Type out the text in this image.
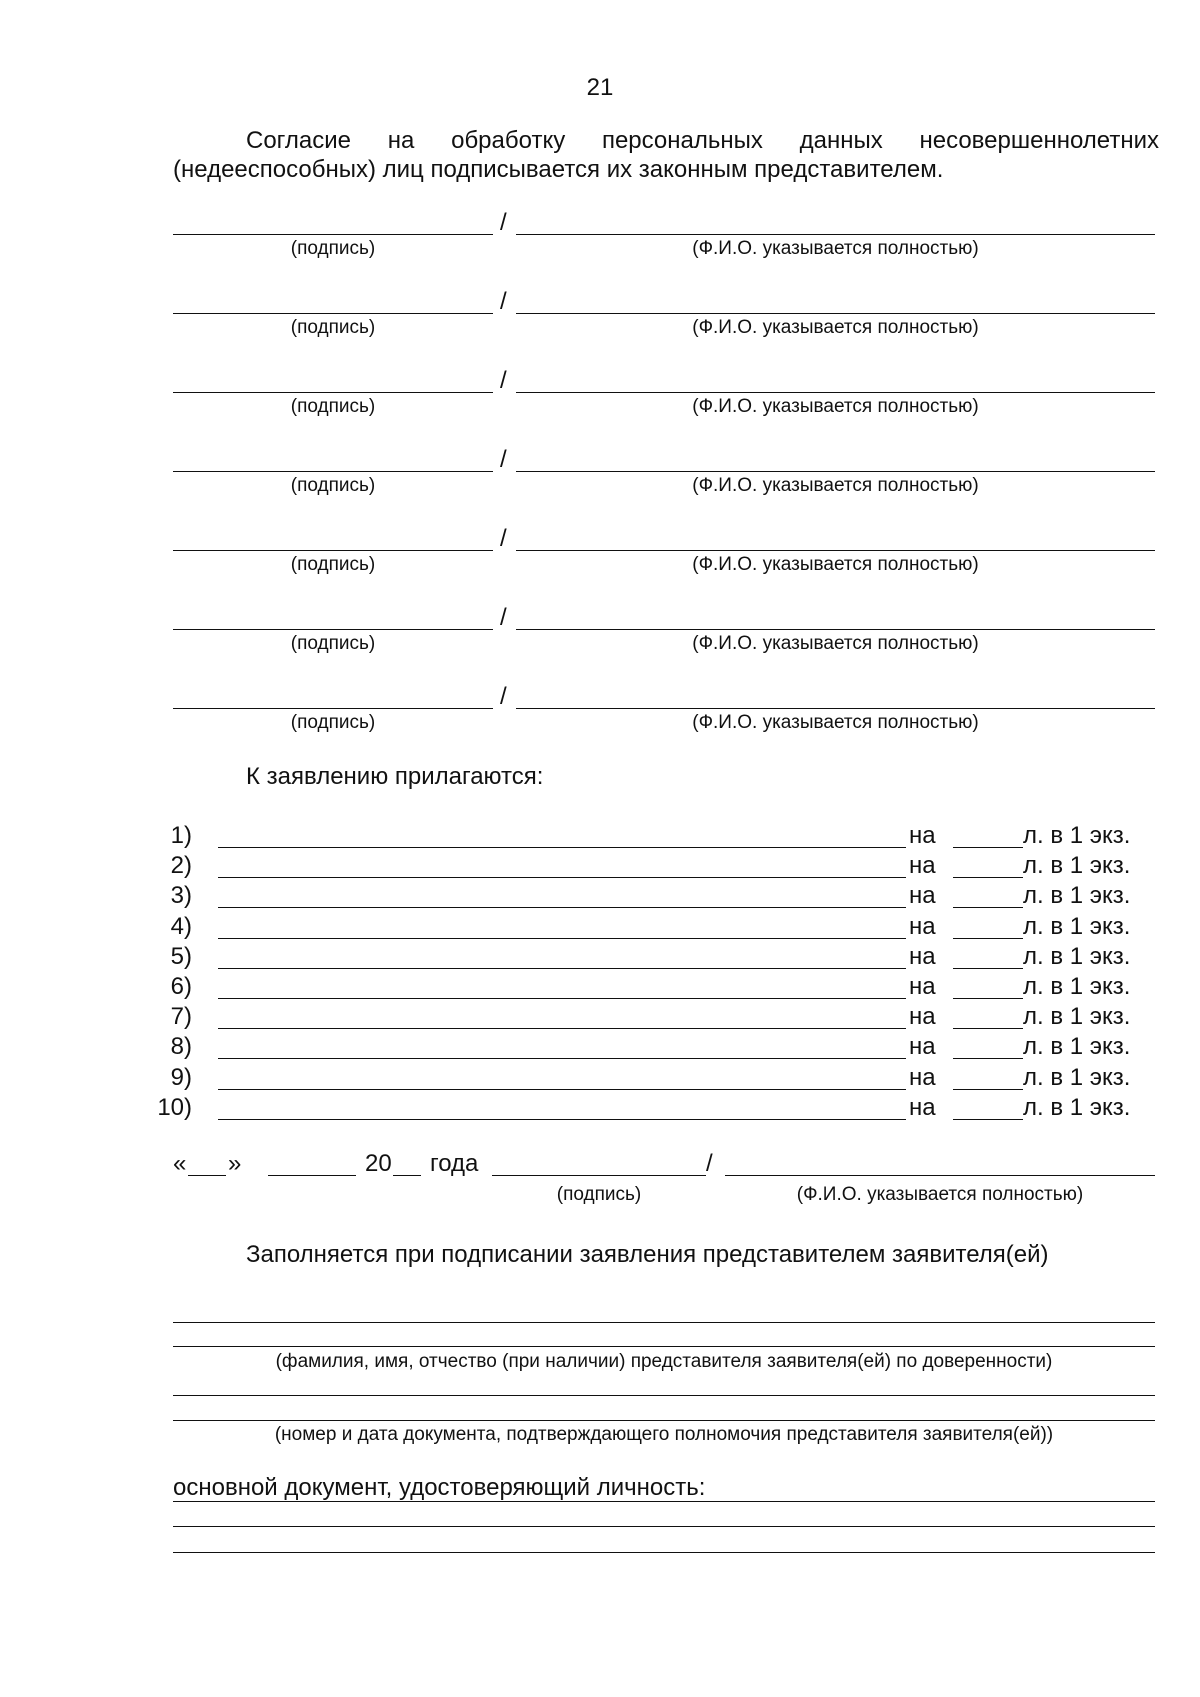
21
Согласие на обработку персональных данных несовершеннолетних (недееспособных) лиц подписывается их законным представителем.
/
(подпись)	(Ф.И.О. указывается полностью)
/
(подпись)	(Ф.И.О. указывается полностью)
/
(подпись)	(Ф.И.О. указывается полностью)
/
(подпись)	(Ф.И.О. указывается полностью)
/
(подпись)	(Ф.И.О. указывается полностью)
/
(подпись)	(Ф.И.О. указывается полностью)
/
(подпись)	(Ф.И.О. указывается полностью)
К заявлению прилагаются:
1)	на	л. в 1 экз.
2)	на	л. в 1 экз.
3)	на	л. в 1 экз.
4)	на	л. в 1 экз.
5)	на	л. в 1 экз.
6)	на	л. в 1 экз.
7)	на	л. в 1 экз.
8)	на	л. в 1 экз.
9)	на	л. в 1 экз.
10)	на	л. в 1 экз.
« »	20 года	/
(подпись)	(Ф.И.О. указывается полностью)
Заполняется при подписании заявления представителем заявителя(ей)
(фамилия, имя, отчество (при наличии) представителя заявителя(ей) по доверенности)
(номер и дата документа, подтверждающего полномочия представителя заявителя(ей))
основной документ, удостоверяющий личность:
